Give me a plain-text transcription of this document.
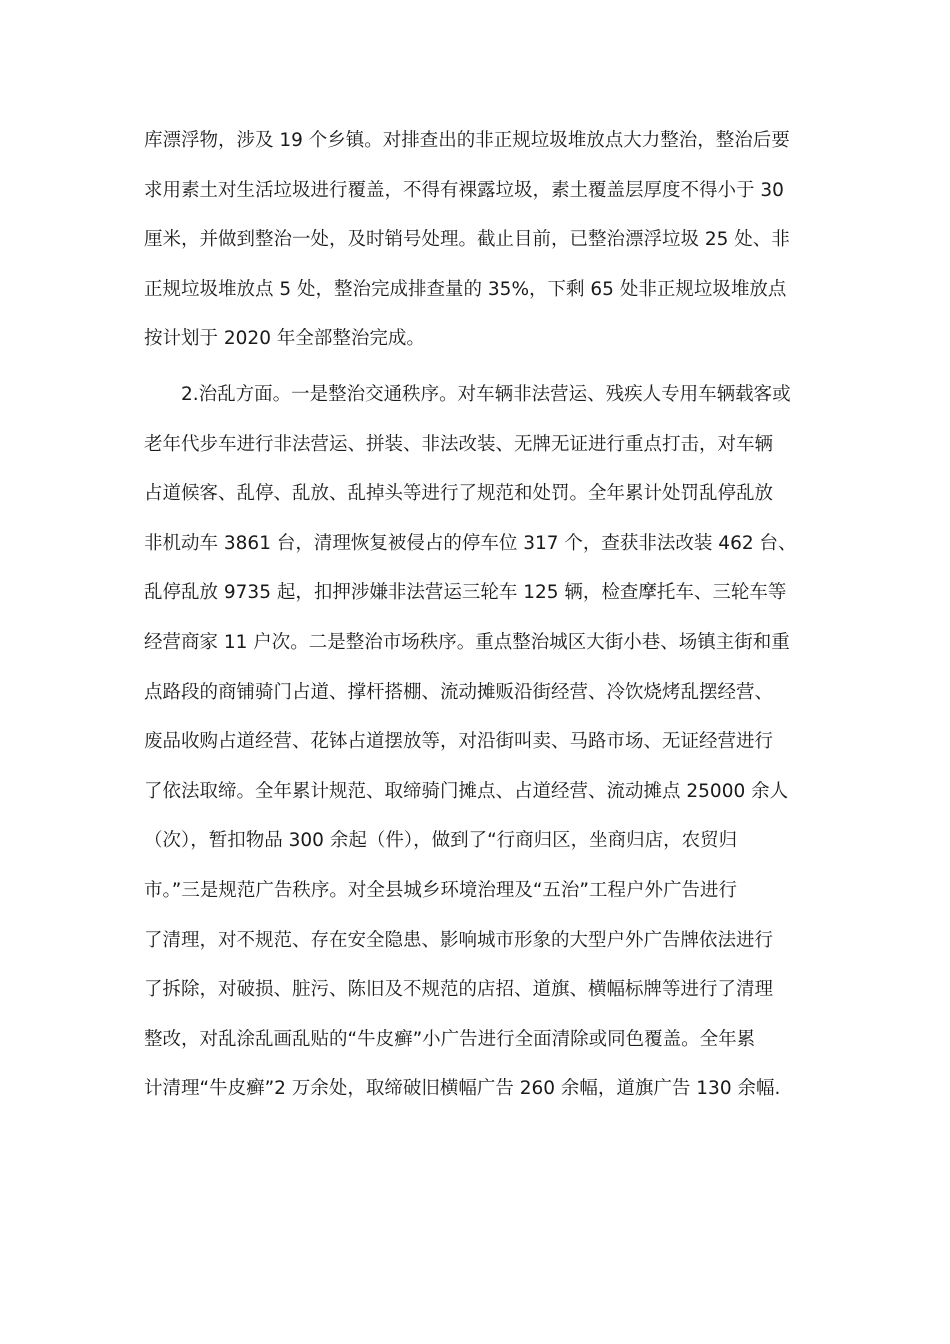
库漂浮物，涉及 19 个乡镇。对排查出的非正规垃圾堆放点大力整治，整治后要
求用素土对生活垃圾进行覆盖，不得有裸露垃圾，素土覆盖层厚度不得小于 30
厘米，并做到整治一处，及时销号处理。截止目前，已整治漂浮垃圾 25 处、非
正规垃圾堆放点 5 处，整治完成排查量的 35%，下剩 65 处非正规垃圾堆放点
按计划于 2020 年全部整治完成。
2.治乱方面。一是整治交通秩序。对车辆非法营运、残疾人专用车辆载客或
老年代步车进行非法营运、拼装、非法改装、无牌无证进行重点打击，对车辆
占道候客、乱停、乱放、乱掉头等进行了规范和处罚。全年累计处罚乱停乱放
非机动车 3861 台，清理恢复被侵占的停车位 317 个，查获非法改装 462 台、
乱停乱放 9735 起，扣押涉嫌非法营运三轮车 125 辆，检查摩托车、三轮车等
经营商家 11 户次。二是整治市场秩序。重点整治城区大街小巷、场镇主街和重
点路段的商铺骑门占道、撑杆搭棚、流动摊贩沿街经营、冷饮烧烤乱摆经营、
废品收购占道经营、花钵占道摆放等，对沿街叫卖、马路市场、无证经营进行
了依法取缔。全年累计规范、取缔骑门摊点、占道经营、流动摊点 25000 余人
（次），暂扣物品 300 余起（件），做到了“行商归区，坐商归店，农贸归
市。”三是规范广告秩序。对全县城乡环境治理及“五治”工程户外广告进行
了清理，对不规范、存在安全隐患、影响城市形象的大型户外广告牌依法进行
了拆除，对破损、脏污、陈旧及不规范的店招、道旗、横幅标牌等进行了清理
整改，对乱涂乱画乱贴的“牛皮癣”小广告进行全面清除或同色覆盖。全年累
计清理“牛皮癣”2 万余处，取缔破旧横幅广告 260 余幅，道旗广告 130 余幅.
